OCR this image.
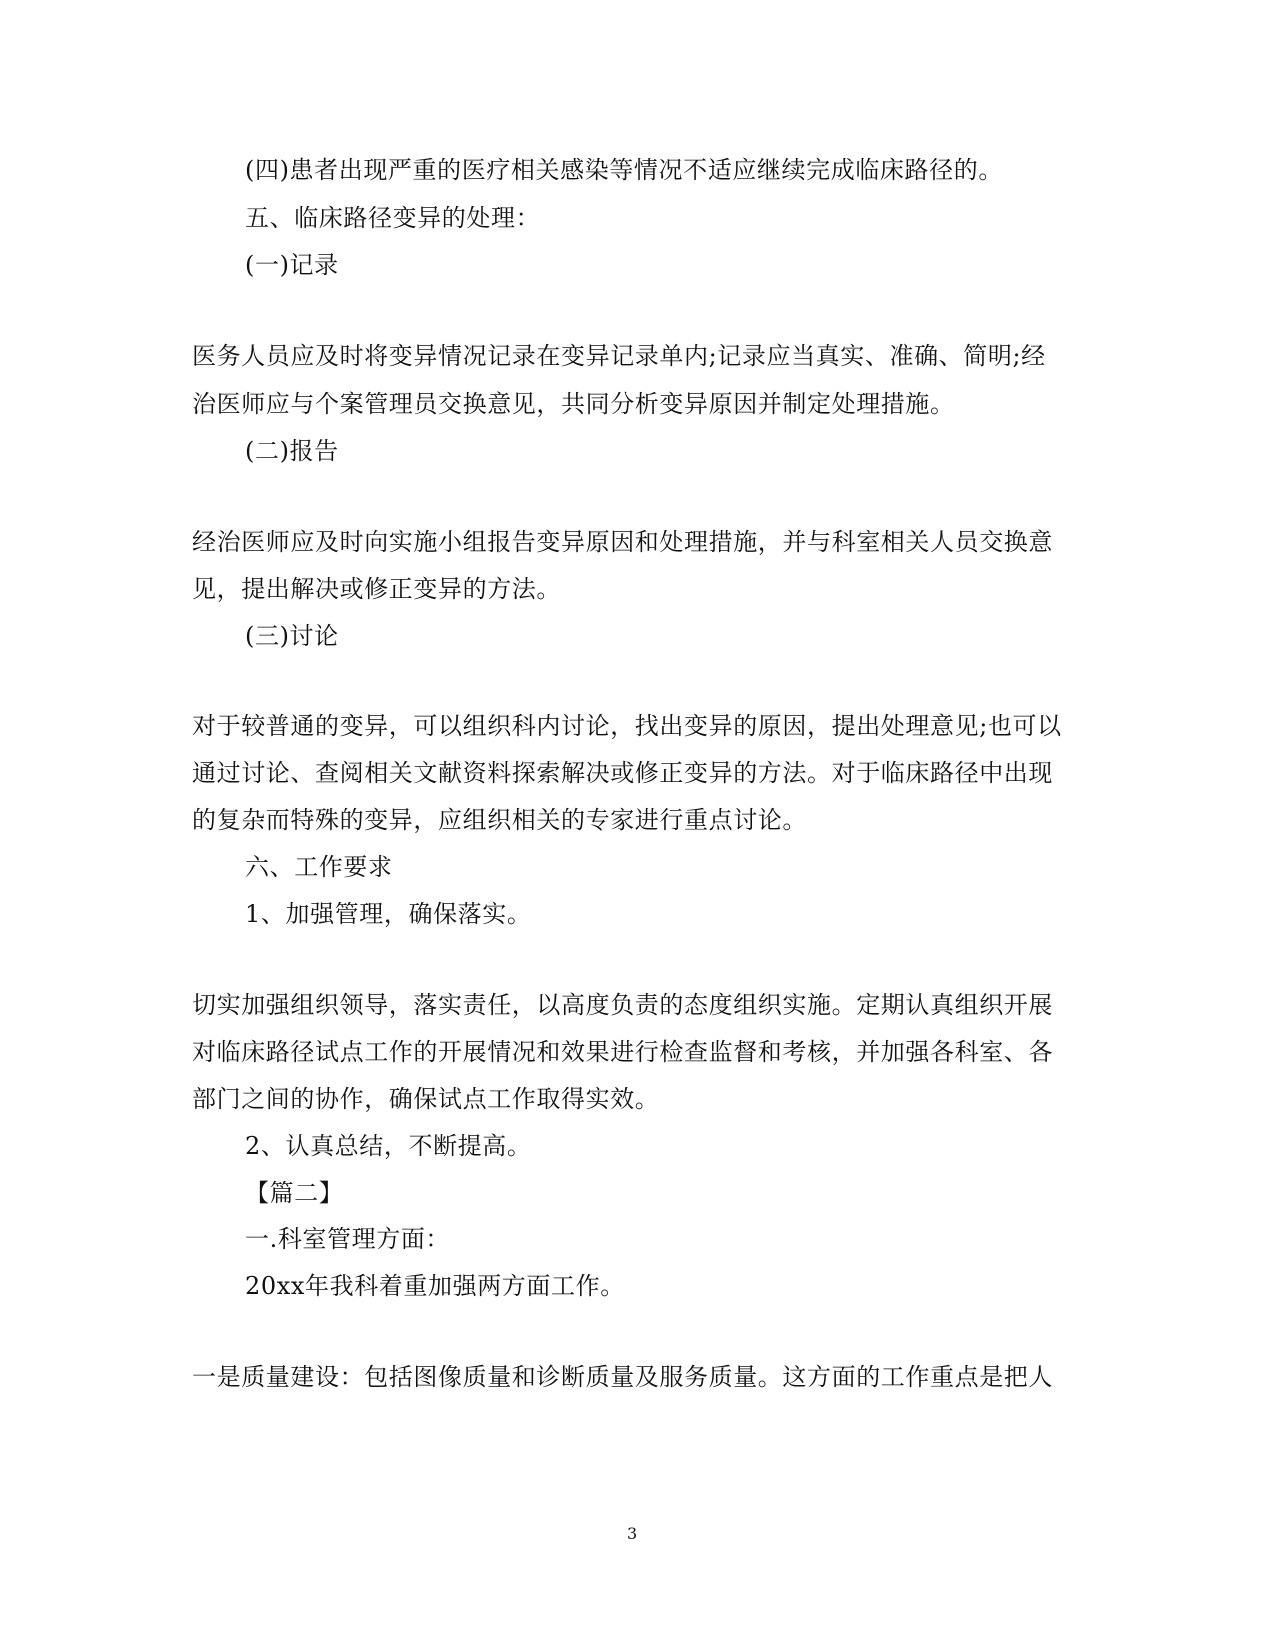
(四)患者出现严重的医疗相关感染等情况不适应继续完成临床路径的。
五、临床路径变异的处理：
(一)记录
医务人员应及时将变异情况记录在变异记录单内;记录应当真实、准确、简明;经
治医师应与个案管理员交换意见，共同分析变异原因并制定处理措施。
(二)报告
经治医师应及时向实施小组报告变异原因和处理措施，并与科室相关人员交换意
见，提出解决或修正变异的方法。
(三)讨论
对于较普通的变异，可以组织科内讨论，找出变异的原因，提出处理意见;也可以
通过讨论、查阅相关文献资料探索解决或修正变异的方法。对于临床路径中出现
的复杂而特殊的变异，应组织相关的专家进行重点讨论。
六、工作要求
1、加强管理，确保落实。
切实加强组织领导，落实责任，以高度负责的态度组织实施。定期认真组织开展
对临床路径试点工作的开展情况和效果进行检查监督和考核，并加强各科室、各
部门之间的协作，确保试点工作取得实效。
2、认真总结，不断提高。
【篇二】
一.科室管理方面：
20xx年我科着重加强两方面工作。
一是质量建设：包括图像质量和诊断质量及服务质量。这方面的工作重点是把人
3
